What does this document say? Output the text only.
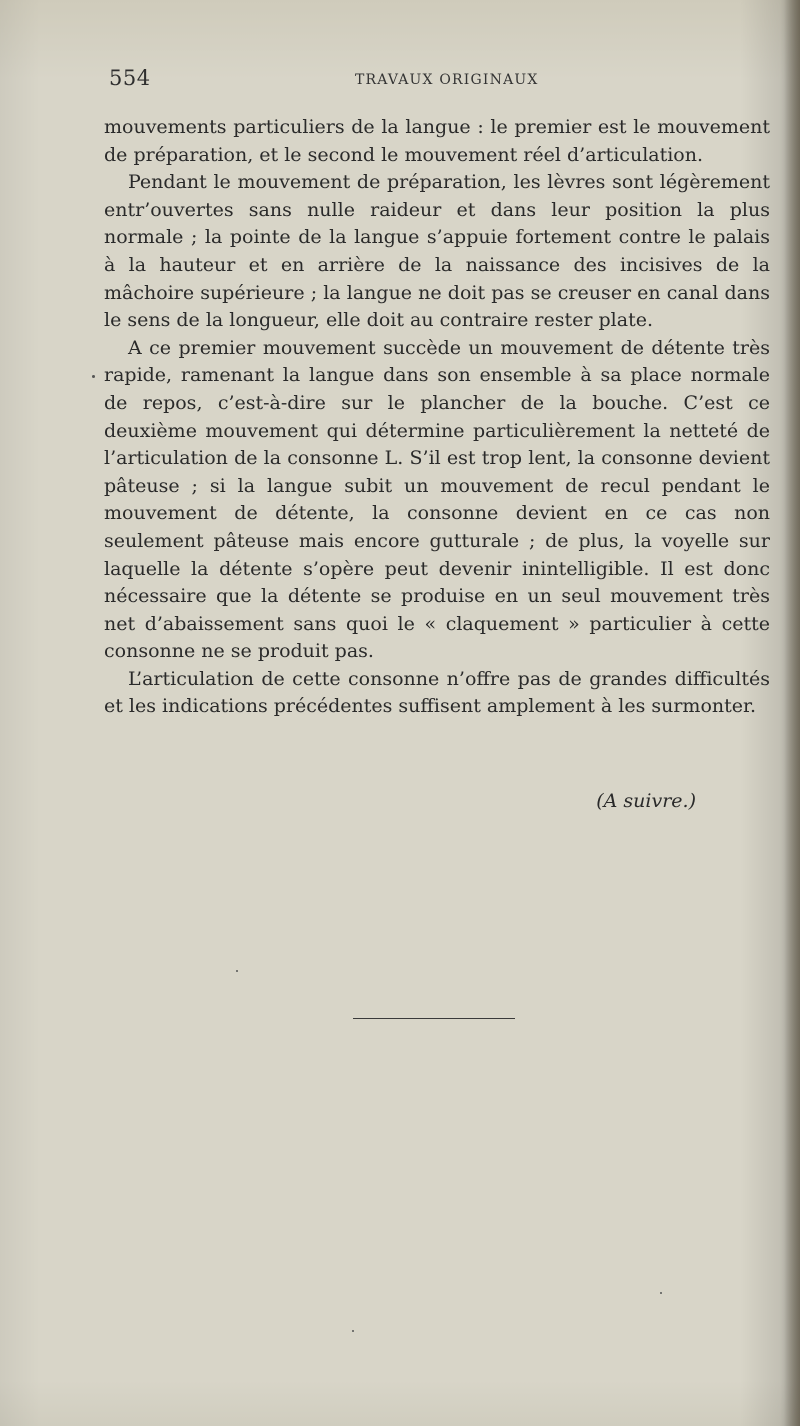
554	TRAVAUX ORIGINAUX

mouvements particuliers de la langue : le premier est le mouvement de préparation, et le second le mouvement réel d’articulation.

Pendant le mouvement de préparation, les lèvres sont légèrement entr’ouvertes sans nulle raideur et dans leur position la plus normale ; la pointe de la langue s’appuie fortement contre le palais à la hauteur et en arrière de la naissance des incisives de la mâchoire supérieure ; la langue ne doit pas se creuser en canal dans le sens de la longueur, elle doit au contraire rester plate.

A ce premier mouvement succède un mouvement de détente très rapide, ramenant la langue dans son ensemble à sa place normale de repos, c’est-à-dire sur le plancher de la bouche. C’est ce deuxième mouvement qui détermine particulièrement la netteté de l’articulation de la consonne L. S’il est trop lent, la consonne devient pâteuse ; si la langue subit un mouvement de recul pendant le mouvement de détente, la consonne devient en ce cas non seulement pâteuse mais encore gutturale ; de plus, la voyelle sur laquelle la détente s’opère peut devenir inintelligible. Il est donc nécessaire que la détente se produise en un seul mouvement très net d’abaissement sans quoi le « claquement » particulier à cette consonne ne se produit pas.

L’articulation de cette consonne n’offre pas de grandes difficultés et les indications précédentes suffisent amplement à les surmonter.

(A suivre.)
